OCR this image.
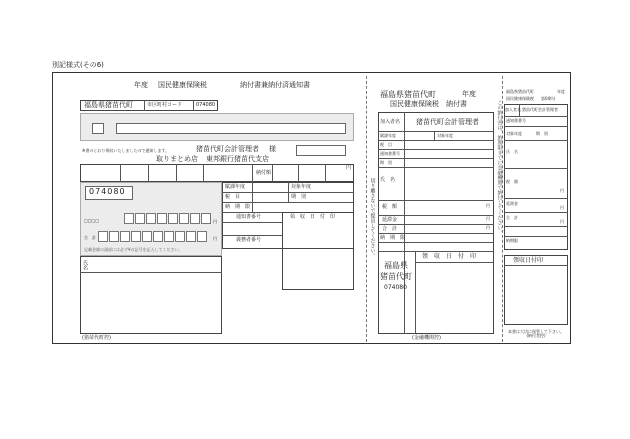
別記様式(その6)
年度 国民健康保険税	納付書兼納付済通知書
福島県猪苗代町	市区町村コード	074080
※書のとおり領収いたしましたので通知します。	猪苗代町会計管理者 様
取りまとめ店 東邦銀行猪苗代支店
納付額
円
074080
□□□□	円
合　計	円
記載金額の頭部には必ず¥の記号を記入してください。
賦課年度	対象年度
税　目	期　別
納　期　限
通知書番号
義務者番号
領　収　日　付　印
氏名
(猪苗代町控)
切り離さないで提出してください。
福島県猪苗代町	年度
国民健康保険税　納付書
加入者名 猪苗代町会計管理者
賦課年度	対象年度
税　目
通知書番号
期　別
氏　名
税　額	円
延滞金	円
合　計	円
納　期　限
領　収　日　付　印
福島県
猪苗代町
074080
(金融機関控)
この納付書は、納期限までに金融機関で納付してください。
福島県猪苗代町	年度
国民健康保険税 第0期分
加入者名 猪苗代町会計管理者
通知書番号
対象年度	期　別
氏　名
税　額
円
延滞金
円
合　計
円
納期限
領収日付印
本書は大切に保管して下さい。(納付者控)
